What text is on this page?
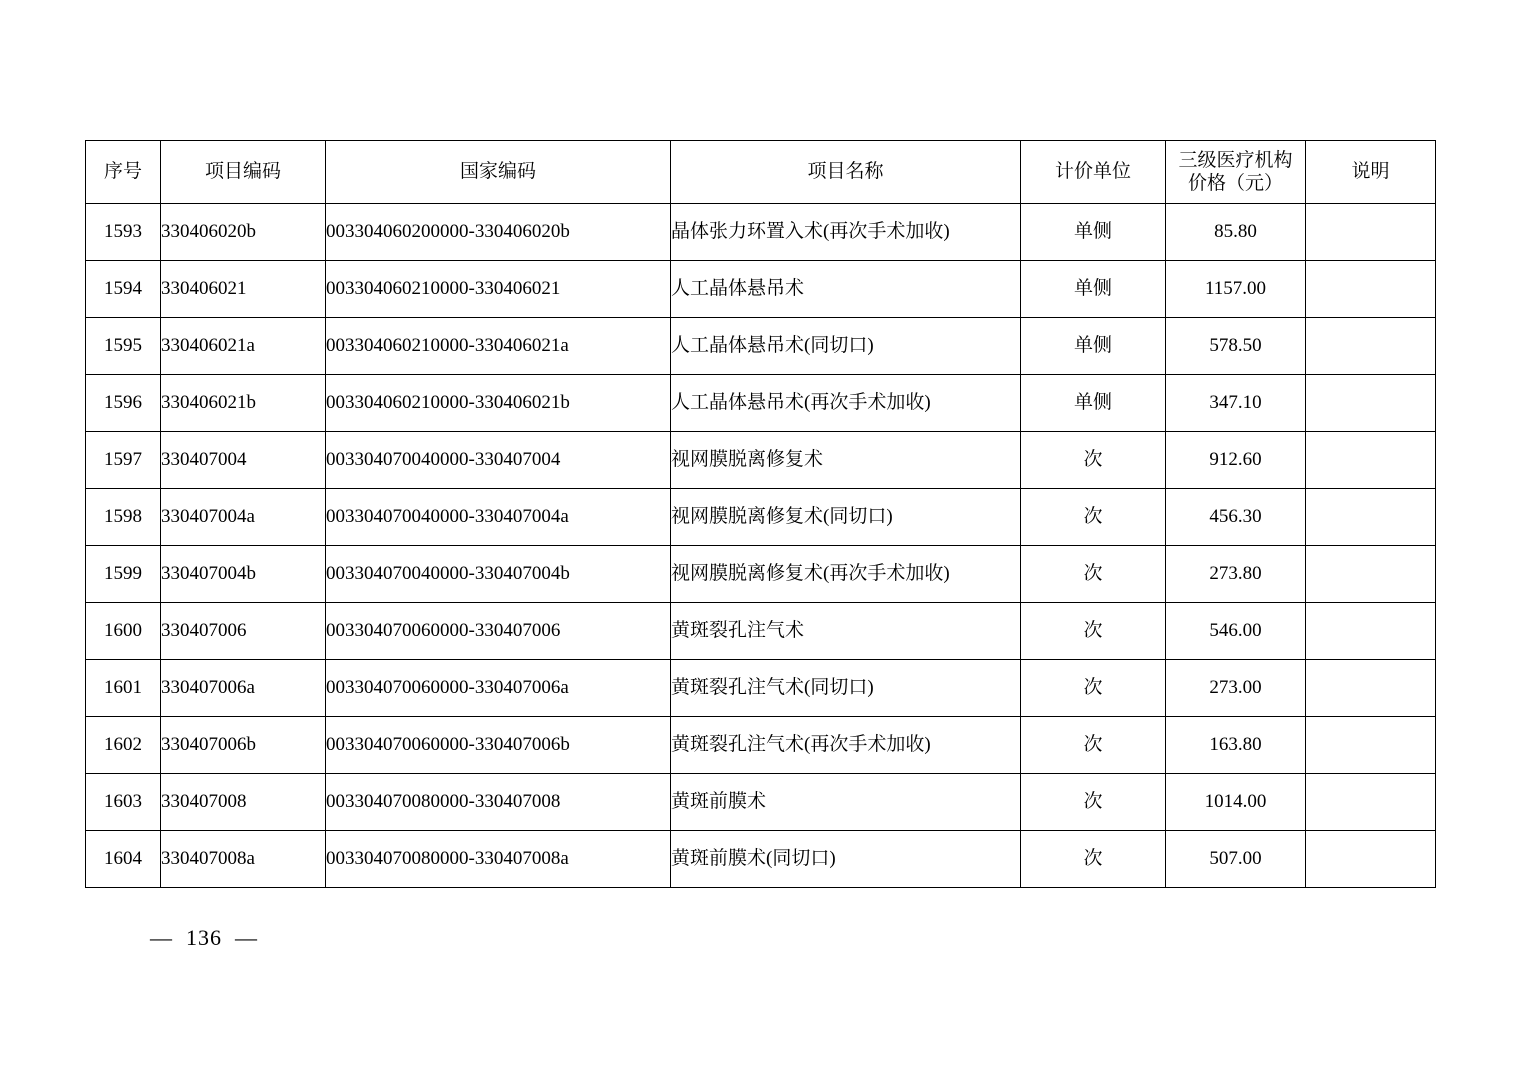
序号	项目编码	国家编码	项目名称	计价单位	三级医疗机构
价格（元）	说明

1593	330406020b	003304060200000-330406020b	晶体张力环置入术(再次手术加收)	单侧	85.80	
1594	330406021	003304060210000-330406021	人工晶体悬吊术	单侧	1157.00	
1595	330406021a	003304060210000-330406021a	人工晶体悬吊术(同切口)	单侧	578.50	
1596	330406021b	003304060210000-330406021b	人工晶体悬吊术(再次手术加收)	单侧	347.10	
1597	330407004	003304070040000-330407004	视网膜脱离修复术	次	912.60	
1598	330407004a	003304070040000-330407004a	视网膜脱离修复术(同切口)	次	456.30	
1599	330407004b	003304070040000-330407004b	视网膜脱离修复术(再次手术加收)	次	273.80	
1600	330407006	003304070060000-330407006	黄斑裂孔注气术	次	546.00	
1601	330407006a	003304070060000-330407006a	黄斑裂孔注气术(同切口)	次	273.00	
1602	330407006b	003304070060000-330407006b	黄斑裂孔注气术(再次手术加收)	次	163.80	
1603	330407008	003304070080000-330407008	黄斑前膜术	次	1014.00	
1604	330407008a	003304070080000-330407008a	黄斑前膜术(同切口)	次	507.00	
—  136  —
